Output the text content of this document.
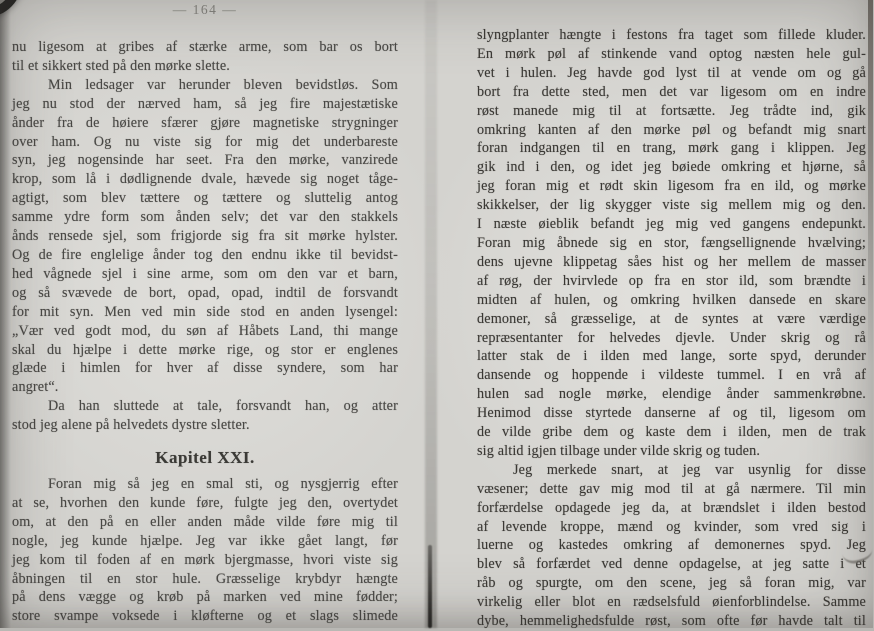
— 164 —
nu ligesom at gribes af stærke arme, som bar os bort
til et sikkert sted på den mørke slette.
Min ledsager var herunder bleven bevidstløs. Som
jeg nu stod der nærved ham, så jeg fire majestætiske
ånder fra de høiere sfærer gjøre magnetiske strygninger
over ham. Og nu viste sig for mig det underbareste
syn, jeg nogensinde har seet. Fra den mørke, vanzirede
krop, som lå i dødlignende dvale, hævede sig noget tåge-
agtigt, som blev tættere og tættere og sluttelig antog
samme ydre form som ånden selv; det var den stakkels
ånds rensede sjel, som frigjorde sig fra sit mørke hylster.
Og de fire englelige ånder tog den endnu ikke til bevidst-
hed vågnede sjel i sine arme, som om den var et barn,
og så svævede de bort, opad, opad, indtil de forsvandt
for mit syn. Men ved min side stod en anden lysengel:
„Vær ved godt mod, du søn af Håbets Land, thi mange
skal du hjælpe i dette mørke rige, og stor er englenes
glæde i himlen for hver af disse syndere, som har
angret“.
Da han sluttede at tale, forsvandt han, og atter
stod jeg alene på helvedets dystre sletter.
Kapitel XXI.
Foran mig så jeg en smal sti, og nysgjerrig efter
at se, hvorhen den kunde føre, fulgte jeg den, overtydet
om, at den på en eller anden måde vilde føre mig til
nogle, jeg kunde hjælpe. Jeg var ikke gået langt, før
jeg kom til foden af en mørk bjergmasse, hvori viste sig
åbningen til en stor hule. Græsselige krybdyr hængte
på dens vægge og krøb på marken ved mine fødder;
store svampe voksede i kløfterne og et slags slimede
slyngplanter hængte i festons fra taget som fillede kluder.
En mørk pøl af stinkende vand optog næsten hele gul-
vet i hulen. Jeg havde god lyst til at vende om og gå
bort fra dette sted, men det var ligesom om en indre
røst manede mig til at fortsætte. Jeg trådte ind, gik
omkring kanten af den mørke pøl og befandt mig snart
foran indgangen til en trang, mørk gang i klippen. Jeg
gik ind i den, og idet jeg bøiede omkring et hjørne, så
jeg foran mig et rødt skin ligesom fra en ild, og mørke
skikkelser, der lig skygger viste sig mellem mig og den.
I næste øieblik befandt jeg mig ved gangens endepunkt.
Foran mig åbnede sig en stor, fængsellignende hvælving;
dens ujevne klippetag såes hist og her mellem de masser
af røg, der hvirvlede op fra en stor ild, som brændte i
midten af hulen, og omkring hvilken dansede en skare
demoner, så græsselige, at de syntes at være værdige
repræsentanter for helvedes djevle. Under skrig og rå
latter stak de i ilden med lange, sorte spyd, derunder
dansende og hoppende i vildeste tummel. I en vrå af
hulen sad nogle mørke, elendige ånder sammenkrøbne.
Henimod disse styrtede danserne af og til, ligesom om
de vilde gribe dem og kaste dem i ilden, men de trak
sig altid igjen tilbage under vilde skrig og tuden.
Jeg merkede snart, at jeg var usynlig for disse
væsener; dette gav mig mod til at gå nærmere. Til min
forfærdelse opdagede jeg da, at brændslet i ilden bestod
af levende kroppe, mænd og kvinder, som vred sig i
luerne og kastedes omkring af demonernes spyd. Jeg
blev så forfærdet ved denne opdagelse, at jeg satte i et
råb og spurgte, om den scene, jeg så foran mig, var
virkelig eller blot en rædselsfuld øienforblindelse. Samme
dybe, hemmelighedsfulde røst, som ofte før havde talt til
